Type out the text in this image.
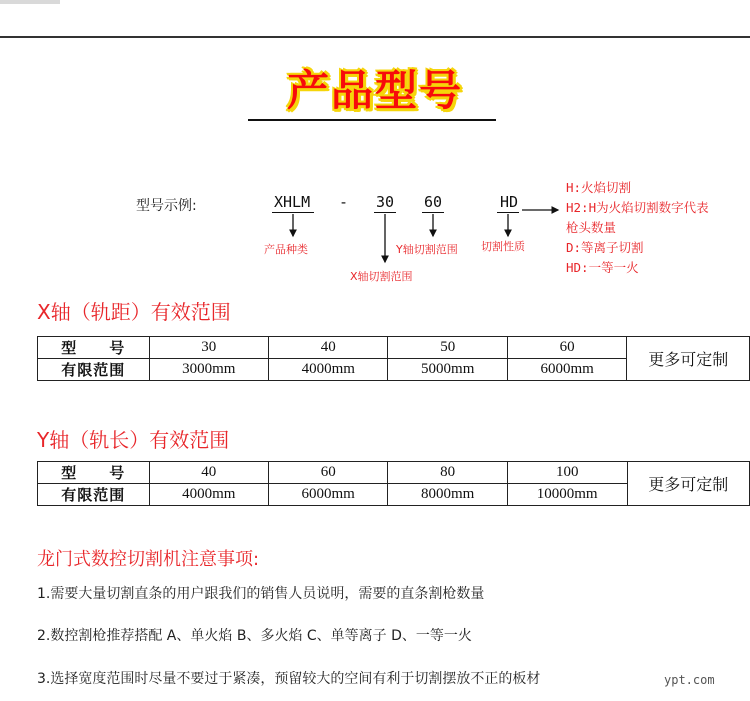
产品型号
型号示例:	XHLM - 30 60	HD
产品种类	Y轴切割范围 切割性质
X轴切割范围
H:火焰切割
H2:H为火焰切割数字代表
枪头数量
D:等离子切割
HD:一等一火
X轴（轨距）有效范围
型　　号	30	40	50	60	更多可定制
有限范围	3000mm	4000mm	5000mm	6000mm	
Y轴（轨长）有效范围
型　　号	40	60	80	100	更多可定制
有限范围	4000mm	6000mm	8000mm	10000mm	
龙门式数控切割机注意事项:
1.需要大量切割直条的用户跟我们的销售人员说明，需要的直条割枪数量
2.数控割枪推荐搭配 A、单火焰 B、多火焰 C、单等离子 D、一等一火
3.选择宽度范围时尽量不要过于紧凑，预留较大的空间有利于切割摆放不正的板材	ypt.com
